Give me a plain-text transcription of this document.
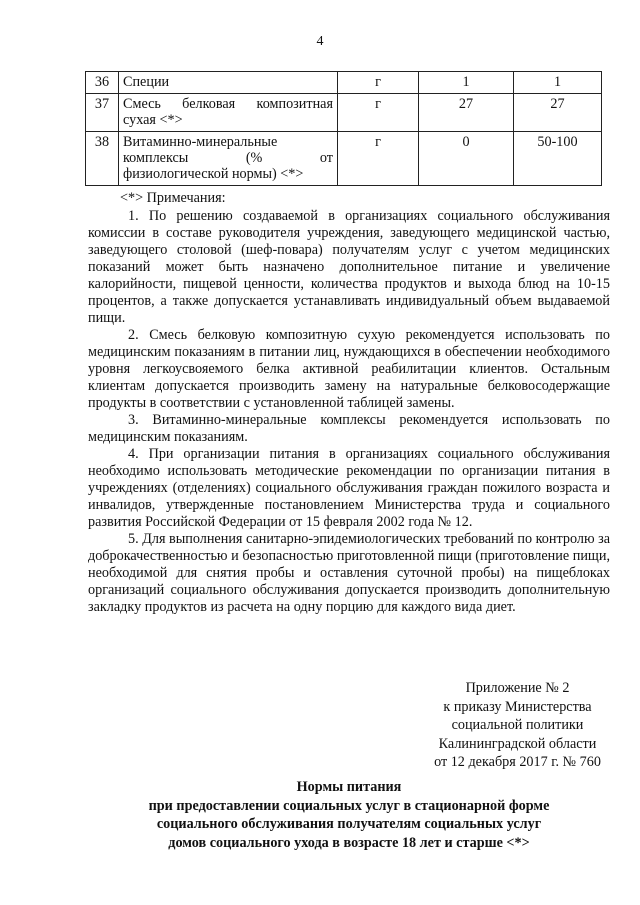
4
36	Специи	г	1	1
37	Смесь белковая композитная сухая <*>	г	27	27
38	Витаминно-минеральные комплексы (% от физиологической нормы) <*>	г	0	50-100
<*> Примечания:

1. По решению создаваемой в организациях социального обслуживания комиссии в составе руководителя учреждения, заведующего медицинской частью, заведующего столовой (шеф-повара) получателям услуг с учетом медицинских показаний может быть назначено дополнительное питание и увеличение калорийности, пищевой ценности, количества продуктов и выхода блюд на 10-15 процентов, а также допускается устанавливать индивидуальный объем выдаваемой пищи.

2. Смесь белковую композитную сухую рекомендуется использовать по медицинским показаниям в питании лиц, нуждающихся в обеспечении необходимого уровня легкоусвояемого белка активной реабилитации клиентов. Остальным клиентам допускается производить замену на натуральные белковосодержащие продукты в соответствии с установленной таблицей замены.

3. Витаминно-минеральные комплексы рекомендуется использовать по медицинским показаниям.

4. При организации питания в организациях социального обслуживания необходимо использовать методические рекомендации по организации питания в учреждениях (отделениях) социального обслуживания граждан пожилого возраста и инвалидов, утвержденные постановлением Министерства труда и социального развития Российской Федерации от 15 февраля 2002 года № 12.

5. Для выполнения санитарно-эпидемиологических требований по контролю за доброкачественностью и безопасностью приготовленной пищи (приготовление пищи, необходимой для снятия пробы и оставления суточной пробы) на пищеблоках организаций социального обслуживания допускается производить дополнительную закладку продуктов из расчета на одну порцию для каждого вида диет.

Приложение № 2
к приказу Министерства
социальной политики
Калининградской области
от 12 декабря 2017 г. № 760
Нормы питания
при предоставлении социальных услуг в стационарной форме
социального обслуживания получателям социальных услуг
домов социального ухода в возрасте 18 лет и старше <*>
